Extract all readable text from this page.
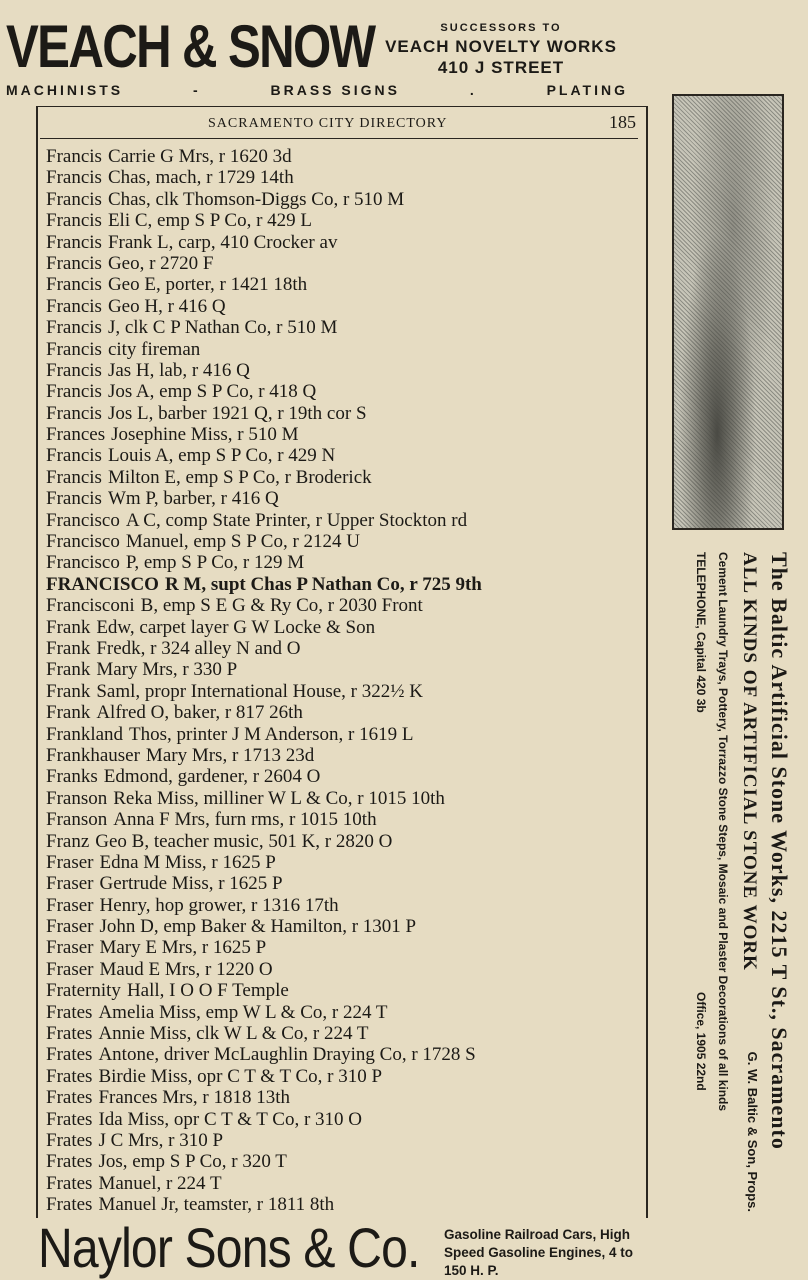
VEACH & SNOW	SUCCESSORS TO
VEACH NOVELTY WORKS
410 J STREET
MACHINISTS	-	BRASS SIGNS	.	PLATING
SACRAMENTO CITY DIRECTORY	185
Francis Carrie G Mrs, r 1620 3d
Francis Chas, mach, r 1729 14th
Francis Chas, clk Thomson-Diggs Co, r 510 M
Francis Eli C, emp S P Co, r 429 L
Francis Frank L, carp, 410 Crocker av
Francis Geo, r 2720 F
Francis Geo E, porter, r 1421 18th
Francis Geo H, r 416 Q
Francis J, clk C P Nathan Co, r 510 M
Francis city fireman
Francis Jas H, lab, r 416 Q
Francis Jos A, emp S P Co, r 418 Q
Francis Jos L, barber 1921 Q, r 19th cor S
Frances Josephine Miss, r 510 M
Francis Louis A, emp S P Co, r 429 N
Francis Milton E, emp S P Co, r Broderick
Francis Wm P, barber, r 416 Q
Francisco A C, comp State Printer, r Upper Stockton rd
Francisco Manuel, emp S P Co, r 2124 U
Francisco P, emp S P Co, r 129 M
FRANCISCO R M, supt Chas P Nathan Co, r 725 9th
Francisconi B, emp S E G & Ry Co, r 2030 Front
Frank Edw, carpet layer G W Locke & Son
Frank Fredk, r 324 alley N and O
Frank Mary Mrs, r 330 P
Frank Saml, propr International House, r 322½ K
Frank Alfred O, baker, r 817 26th
Frankland Thos, printer J M Anderson, r 1619 L
Frankhauser Mary Mrs, r 1713 23d
Franks Edmond, gardener, r 2604 O
Franson Reka Miss, milliner W L & Co, r 1015 10th
Franson Anna F Mrs, furn rms, r 1015 10th
Franz Geo B, teacher music, 501 K, r 2820 O
Fraser Edna M Miss, r 1625 P
Fraser Gertrude Miss, r 1625 P
Fraser Henry, hop grower, r 1316 17th
Fraser John D, emp Baker & Hamilton, r 1301 P
Fraser Mary E Mrs, r 1625 P
Fraser Maud E Mrs, r 1220 O
Fraternity Hall, I O O F Temple
Frates Amelia Miss, emp W L & Co, r 224 T
Frates Annie Miss, clk W L & Co, r 224 T
Frates Antone, driver McLaughlin Draying Co, r 1728 S
Frates Birdie Miss, opr C T & T Co, r 310 P
Frates Frances Mrs, r 1818 13th
Frates Ida Miss, opr C T & T Co, r 310 O
Frates J C Mrs, r 310 P
Frates Jos, emp S P Co, r 320 T
Frates Manuel, r 224 T
Frates Manuel Jr, teamster, r 1811 8th
The Baltic Artificial Stone Works, 2215 T St., Sacramento
ALL KINDS OF ARTIFICIAL STONE WORK
G. W. Baltic & Son, Props.
Cement Laundry Trays, Pottery, Torrazzo Stone Steps, Mosaic and Plaster Decorations of all kinds
TELEPHONE, Capital 420 3b
Office, 1905 22nd
Naylor Sons & Co. Gasoline Railroad Cars, High
Speed Gasoline Engines, 4 to
150 H. P.
